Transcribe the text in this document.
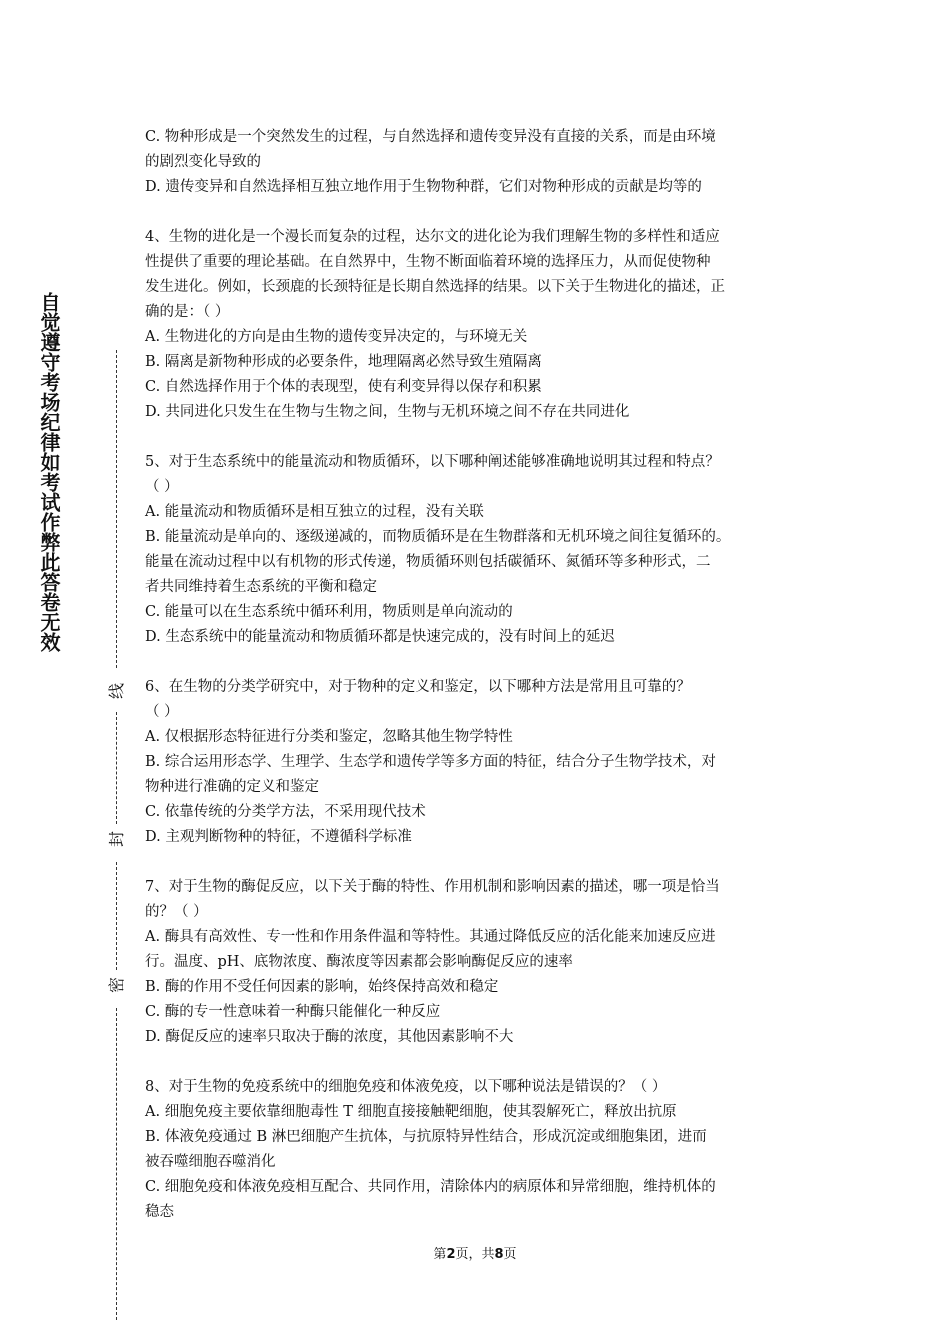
自觉遵守考场纪律如考试作弊此答卷无效
线
封
密
C. 物种形成是一个突然发生的过程，与自然选择和遗传变异没有直接的关系，而是由环境
的剧烈变化导致的
D. 遗传变异和自然选择相互独立地作用于生物物种群，它们对物种形成的贡献是均等的
4、生物的进化是一个漫长而复杂的过程，达尔文的进化论为我们理解生物的多样性和适应
性提供了重要的理论基础。在自然界中，生物不断面临着环境的选择压力，从而促使物种
发生进化。例如，长颈鹿的长颈特征是长期自然选择的结果。以下关于生物进化的描述，正
确的是：（ ）
A. 生物进化的方向是由生物的遗传变异决定的，与环境无关
B. 隔离是新物种形成的必要条件，地理隔离必然导致生殖隔离
C. 自然选择作用于个体的表现型，使有利变异得以保存和积累
D. 共同进化只发生在生物与生物之间，生物与无机环境之间不存在共同进化
5、对于生态系统中的能量流动和物质循环，以下哪种阐述能够准确地说明其过程和特点？
（ ）
A. 能量流动和物质循环是相互独立的过程，没有关联
B. 能量流动是单向的、逐级递减的，而物质循环是在生物群落和无机环境之间往复循环的。
能量在流动过程中以有机物的形式传递，物质循环则包括碳循环、氮循环等多种形式，二
者共同维持着生态系统的平衡和稳定
C. 能量可以在生态系统中循环利用，物质则是单向流动的
D. 生态系统中的能量流动和物质循环都是快速完成的，没有时间上的延迟
6、在生物的分类学研究中，对于物种的定义和鉴定，以下哪种方法是常用且可靠的？
（ ）
A. 仅根据形态特征进行分类和鉴定，忽略其他生物学特性
B. 综合运用形态学、生理学、生态学和遗传学等多方面的特征，结合分子生物学技术，对
物种进行准确的定义和鉴定
C. 依靠传统的分类学方法，不采用现代技术
D. 主观判断物种的特征，不遵循科学标准
7、对于生物的酶促反应，以下关于酶的特性、作用机制和影响因素的描述，哪一项是恰当
的？（ ）
A. 酶具有高效性、专一性和作用条件温和等特性。其通过降低反应的活化能来加速反应进
行。温度、pH、底物浓度、酶浓度等因素都会影响酶促反应的速率
B. 酶的作用不受任何因素的影响，始终保持高效和稳定
C. 酶的专一性意味着一种酶只能催化一种反应
D. 酶促反应的速率只取决于酶的浓度，其他因素影响不大
8、对于生物的免疫系统中的细胞免疫和体液免疫，以下哪种说法是错误的？（ ）
A. 细胞免疫主要依靠细胞毒性 T 细胞直接接触靶细胞，使其裂解死亡，释放出抗原
B. 体液免疫通过 B 淋巴细胞产生抗体，与抗原特异性结合，形成沉淀或细胞集团，进而
被吞噬细胞吞噬消化
C. 细胞免疫和体液免疫相互配合、共同作用，清除体内的病原体和异常细胞，维持机体的
稳态
第2页，共8页
